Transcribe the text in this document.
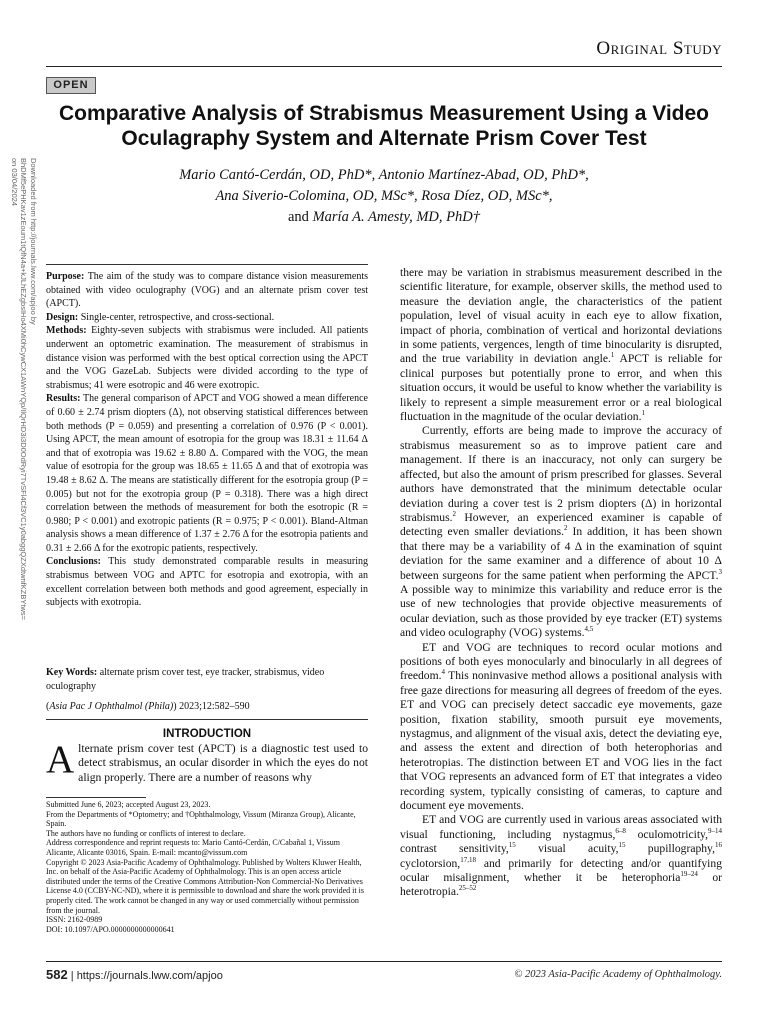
Original Study
OPEN
Comparative Analysis of Strabismus Measurement Using a Video Oculagraphy System and Alternate Prism Cover Test
Mario Cantó-Cerdán, OD, PhD*, Antonio Martínez-Abad, OD, PhD*,
Ana Siverio-Colomina, OD, MSc*, Rosa Díez, OD, MSc*,
and María A. Amesty, MD, PhD†
Downloaded from http://journals.lww.com/apjoo by BhDMf5ePHKav1zEoum1tQfN4a+kJLhEZgbsIHo4XMi0hCywCX1AWnYQp/IlQrHD3i3D0OdRyi7TvSFl4Cf3VC1y0abggQZXdtwnfKZBYtws= on 03/04/2024

Purpose: The aim of the study was to compare distance vision measurements obtained with video oculography (VOG) and an alternate prism cover test (APCT).

Design: Single-center, retrospective, and cross-sectional.

Methods: Eighty-seven subjects with strabismus were included. All patients underwent an optometric examination. The measurement of strabismus in distance vision was performed with the best optical correction using the APCT and the VOG GazeLab. Subjects were divided according to the type of strabismus; 41 were esotropic and 46 were exotropic.

Results: The general comparison of APCT and VOG showed a mean difference of 0.60 ± 2.74 prism diopters (Δ), not observing statistical differences between both methods (P = 0.059) and presenting a correlation of 0.976 (P < 0.001). Using APCT, the mean amount of esotropia for the group was 18.31 ± 11.64 Δ and that of exotropia was 19.62 ± 8.80 Δ. Compared with the VOG, the mean value of esotropia for the group was 18.65 ± 11.65 Δ and that of exotropia was 19.48 ± 8.62 Δ. The means are statistically different for the esotropia group (P = 0.005) but not for the exotropia group (P = 0.318). There was a high direct correlation between the methods of measurement for both the esotropic (R = 0.980; P < 0.001) and exotropic patients (R = 0.975; P < 0.001). Bland-Altman analysis shows a mean difference of 1.37 ± 2.76 Δ for the esotropia patients and 0.31 ± 2.66 Δ for the exotropic patients, respectively.

Conclusions: This study demonstrated comparable results in measuring strabismus between VOG and APTC for esotropia and exotropia, with an excellent correlation between both methods and good agreement, especially in subjects with exotropia.

Key Words: alternate prism cover test, eye tracker, strabismus, video oculography
(Asia Pac J Ophthalmol (Phila)) 2023;12:582–590
INTRODUCTION
Alternate prism cover test (APCT) is a diagnostic test used to detect strabismus, an ocular disorder in which the eyes do not align properly. There are a number of reasons why

Submitted June 6, 2023; accepted August 23, 2023.

From the Departments of *Optometry; and †Ophthalmology, Vissum (Miranza Group), Alicante, Spain.

The authors have no funding or conflicts of interest to declare.

Address correspondence and reprint requests to: Mario Cantó-Cerdán, C/Cabañal 1, Vissum Alicante, Alicante 03016, Spain. E-mail: mcanto@vissum.com

Copyright © 2023 Asia-Pacific Academy of Ophthalmology. Published by Wolters Kluwer Health, Inc. on behalf of the Asia-Pacific Academy of Ophthalmology. This is an open access article distributed under the terms of the Creative Commons Attribution-Non Commercial-No Derivatives License 4.0 (CCBY-NC-ND), where it is permissible to download and share the work provided it is properly cited. The work cannot be changed in any way or used commercially without permission from the journal.

ISSN: 2162-0989

DOI: 10.1097/APO.0000000000000641

there may be variation in strabismus measurement described in the scientific literature, for example, observer skills, the method used to measure the deviation angle, the characteristics of the patient population, level of visual acuity in each eye to allow fixation, impact of phoria, combination of vertical and horizontal deviations in some patients, vergences, length of time binocularity is disrupted, and the true variability in deviation angle.$^1$ APCT is reliable for clinical purposes but potentially prone to error, and when this situation occurs, it would be useful to know whether the variability is likely to represent a simple measurement error or a real biological fluctuation in the magnitude of the ocular deviation.$^1$

Currently, efforts are being made to improve the accuracy of strabismus measurement so as to improve patient care and management. If there is an inaccuracy, not only can surgery be affected, but also the amount of prism prescribed for glasses. Several authors have demonstrated that the minimum detectable ocular deviation during a cover test is 2 prism diopters (Δ) in horizontal strabismus.$^2$ However, an experienced examiner is capable of detecting even smaller deviations.$^2$ In addition, it has been shown that there may be a variability of 4 Δ in the examination of squint deviation for the same examiner and a difference of about 10 Δ between surgeons for the same patient when performing the APCT.$^3$ A possible way to minimize this variability and reduce error is the use of new technologies that provide objective measurements of ocular deviation, such as those provided by eye tracker (ET) systems and video oculography (VOG) systems.$^{4,5}$

ET and VOG are techniques to record ocular motions and positions of both eyes monocularly and binocularly in all degrees of freedom.$^4$ This noninvasive method allows a positional analysis with free gaze directions for measuring all degrees of freedom of the eyes. ET and VOG can precisely detect saccadic eye movements, gaze position, fixation stability, smooth pursuit eye movements, nystagmus, and alignment of the visual axis, detect the deviating eye, and assess the extent and direction of both heterophorias and heterotropias. The distinction between ET and VOG lies in the fact that VOG represents an advanced form of ET that integrates a video recording system, typically consisting of cameras, to capture and document eye movements.

ET and VOG are currently used in various areas associated with visual functioning, including nystagmus,$^{6-8}$ oculomotricity,$^{9-14}$ contrast sensitivity,$^{15}$ visual acuity,$^{15}$ pupillography,$^{16}$ cyclotorsion,$^{17,18}$ and primarily for detecting and/or quantifying ocular misalignment, whether it be heterophoria$^{19-24}$ or heterotropia.$^{25-52}$

582 | https://journals.lww.com/apjoo	© 2023 Asia-Pacific Academy of Ophthalmology.
